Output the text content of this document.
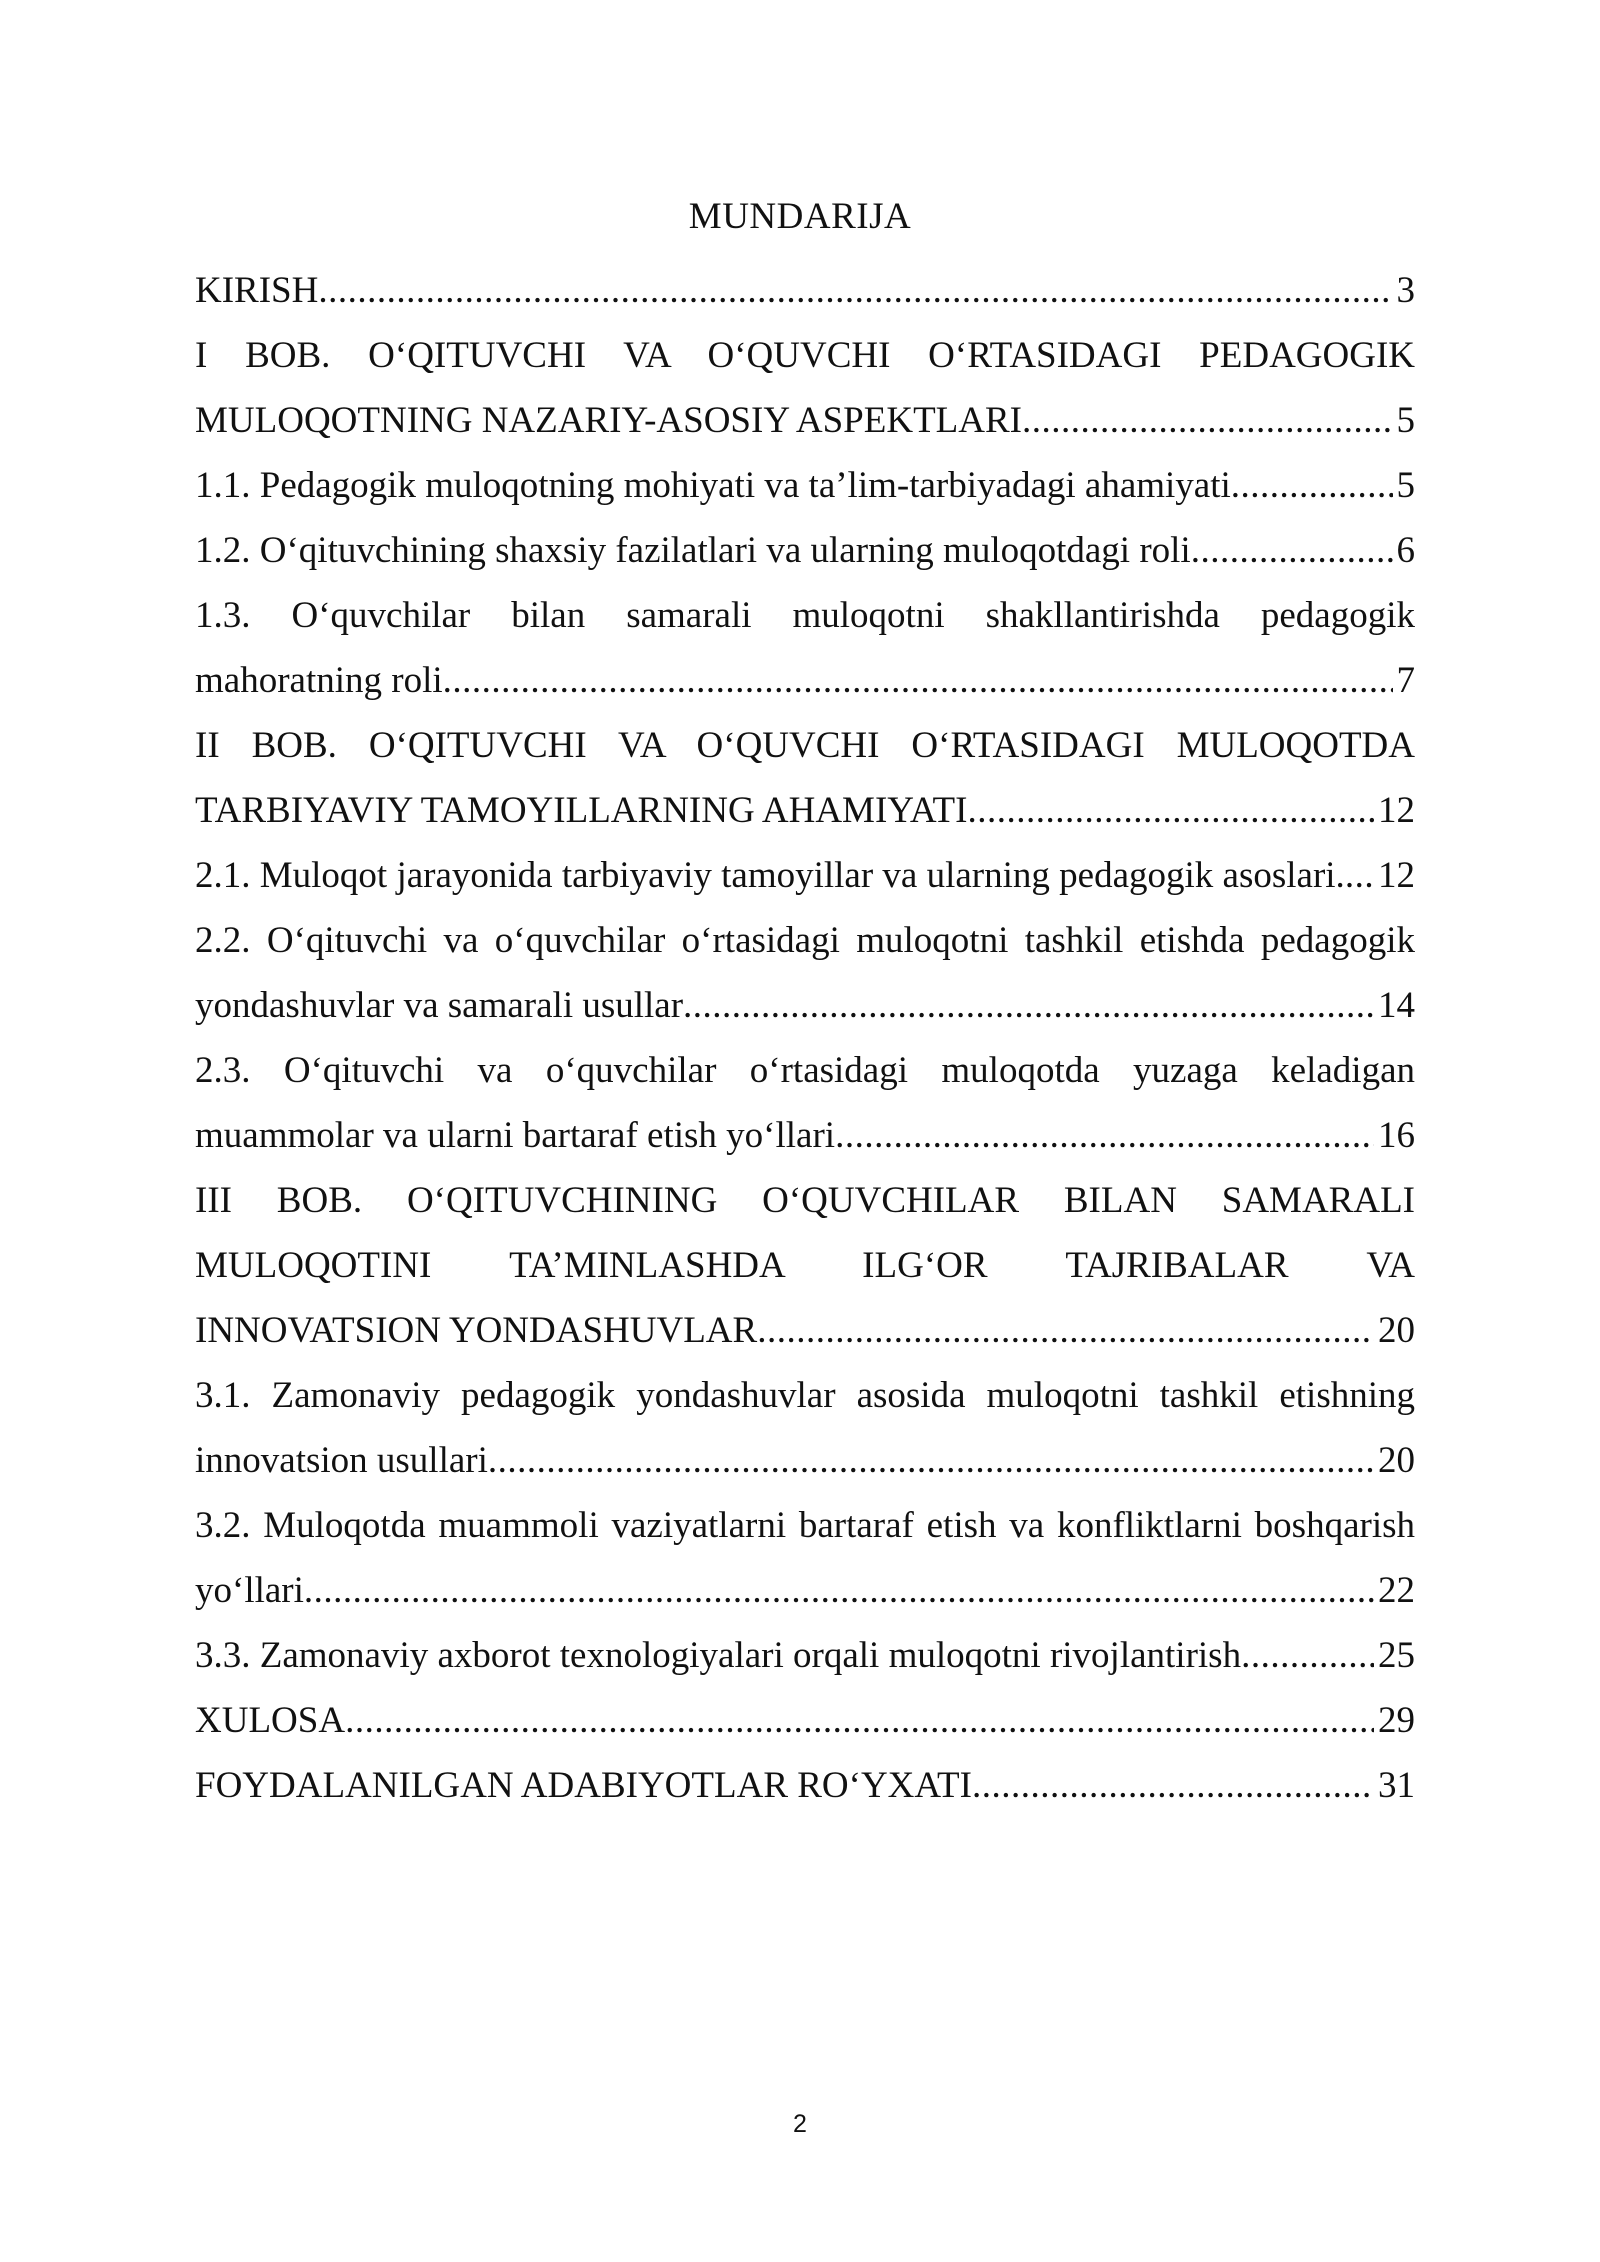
MUNDARIJA
KIRISH .....	3
I BOB. O‘QITUVCHI VA O‘QUVCHI O‘RTASIDAGI PEDAGOGIK
MULOQOTNING NAZARIY-ASOSIY ASPEKTLARI .....	5
1.1. Pedagogik muloqotning mohiyati va ta’lim-tarbiyadagi ahamiyati .....	5
1.2. O‘qituvchining shaxsiy fazilatlari va ularning muloqotdagi roli .....	6
1.3. O‘quvchilar bilan samarali muloqotni shakllantirishda pedagogik
mahoratning roli .....	7
II BOB. O‘QITUVCHI VA O‘QUVCHI O‘RTASIDAGI MULOQOTDA
TARBIYAVIY TAMOYILLARNING AHAMIYATI .....	12
2.1. Muloqot jarayonida tarbiyaviy tamoyillar va ularning pedagogik asoslari. ..... 12
2.2. O‘qituvchi va o‘quvchilar o‘rtasidagi muloqotni tashkil etishda pedagogik
yondashuvlar va samarali usullar .....	14
2.3. O‘qituvchi va o‘quvchilar o‘rtasidagi muloqotda yuzaga keladigan
muammolar va ularni bartaraf etish yo‘llari .....	16
III BOB. O‘QITUVCHINING O‘QUVCHILAR BILAN SAMARALI
MULOQOTINI TA’MINLASHDA ILG‘OR TAJRIBALAR VA
INNOVATSION YONDASHUVLAR .....	20
3.1. Zamonaviy pedagogik yondashuvlar asosida muloqotni tashkil etishning
innovatsion usullari .....	20
3.2. Muloqotda muammoli vaziyatlarni bartaraf etish va konfliktlarni boshqarish
yo‘llari .....	22
3.3. Zamonaviy axborot texnologiyalari orqali muloqotni rivojlantirish .....	25
XULOSA .....	29
FOYDALANILGAN ADABIYOTLAR RO‘YXATI .....	31
2
